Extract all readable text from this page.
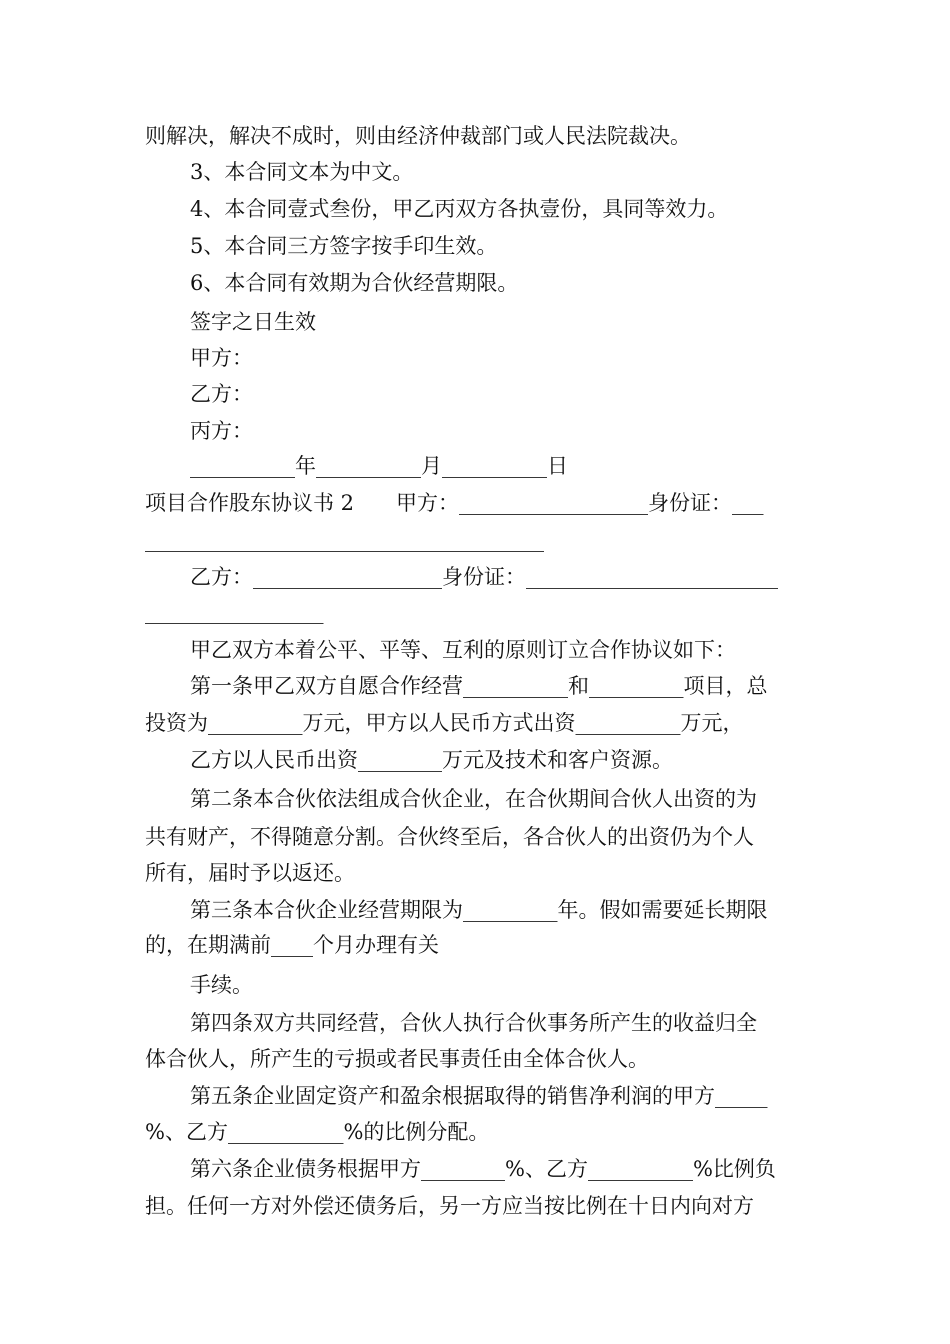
则解决，解决不成时，则由经济仲裁部门或人民法院裁决。
3、本合同文本为中文。
4、本合同壹式叁份，甲乙丙双方各执壹份，具同等效力。
5、本合同三方签字按手印生效。
6、本合同有效期为合伙经营期限。
签字之日生效
甲方：
乙方：
丙方：
__________年__________月__________日
项目合作股东协议书 2　　甲方：__________________身份证：___
______________________________________
乙方：__________________身份证：________________________
_________________
甲乙双方本着公平、平等、互利的原则订立合作协议如下：
第一条甲乙双方自愿合作经营__________和_________项目，总
投资为_________万元，甲方以人民币方式出资__________万元，
乙方以人民币出资________万元及技术和客户资源。
第二条本合伙依法组成合伙企业，在合伙期间合伙人出资的为
共有财产，不得随意分割。合伙终至后，各合伙人的出资仍为个人
所有，届时予以返还。
第三条本合伙企业经营期限为_________年。假如需要延长期限
的，在期满前____个月办理有关
手续。
第四条双方共同经营，合伙人执行合伙事务所产生的收益归全
体合伙人，所产生的亏损或者民事责任由全体合伙人。
第五条企业固定资产和盈余根据取得的销售净利润的甲方_____
%、乙方___________%的比例分配。
第六条企业债务根据甲方________%、乙方__________%比例负
担。任何一方对外偿还债务后，另一方应当按比例在十日内向对方
